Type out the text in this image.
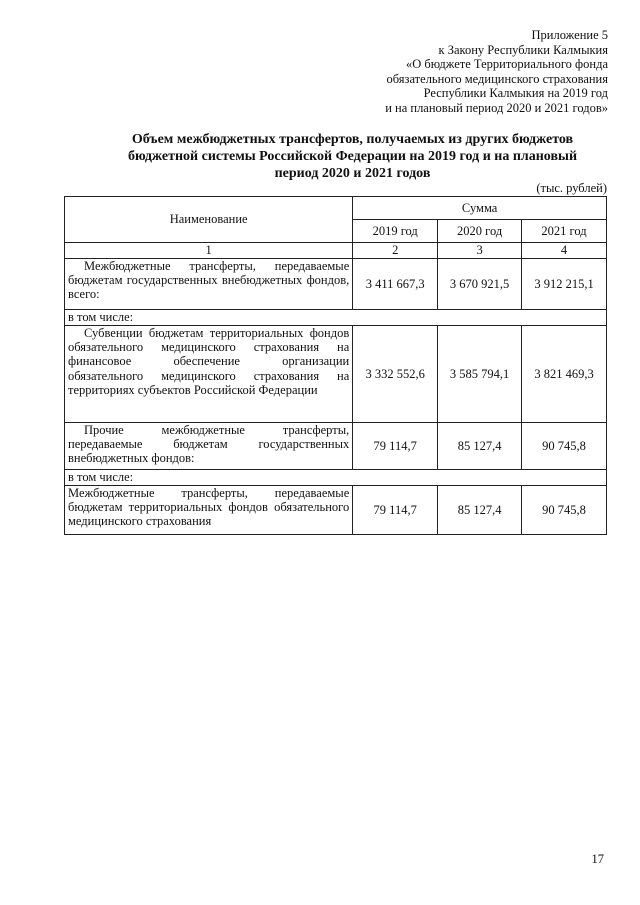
Приложение 5
к Закону Республики Калмыкия
«О бюджете Территориального фонда
обязательного медицинского страхования
Республики Калмыкия на 2019 год
и на плановый период 2020 и 2021 годов»
Объем межбюджетных трансфертов, получаемых из других бюджетов
бюджетной системы Российской Федерации на 2019 год и на плановый
период 2020 и 2021 годов
(тыс. рублей)
Наименование	Сумма		
	2019 год	2020 год	2021 год
1	2	3	4
Межбюджетные трансферты, передаваемые бюджетам государственных внебюджетных фондов, всего:	3 411 667,3	3 670 921,5	3 912 215,1
в том числе:			
Субвенции бюджетам территориальных фондов обязательного медицинского страхования на финансовое обеспечение организации обязательного медицинского страхования на территориях субъектов Российской Федерации	3 332 552,6	3 585 794,1	3 821 469,3
Прочие межбюджетные трансферты, передаваемые бюджетам государственных внебюджетных фондов:	79 114,7	85 127,4	90 745,8
в том числе:			
Межбюджетные трансферты, передаваемые бюджетам территориальных фондов обязательного медицинского страхования	79 114,7	85 127,4	90 745,8
17
